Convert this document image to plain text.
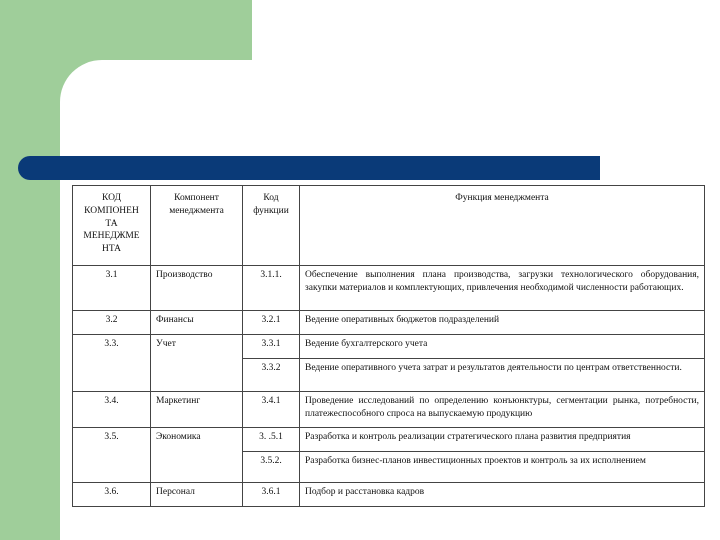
КОД КОМПОНЕН ТА МЕНЕДЖМЕ НТА	Компонент менеджмента	Код функции	Функция менеджмента
3.1	Производство	3.1.1.	Обеспечение выполнения плана производства, загрузки технологического оборудования, закупки материалов и комплектующих, привлечения необходимой численности работающих.
3.2	Финансы	3.2.1	Ведение оперативных бюджетов подразделений
3.3.	Учет	3.3.1	Ведение бухгалтерского учета
		3.3.2	Ведение оперативного учета затрат и результатов деятельности по центрам ответственности.
3.4.	Маркетинг	3.4.1	Проведение исследований по определению конъюнктуры, сегментации рынка, потребности, платежеспособного спроса на выпускаемую продукцию
3.5.	Экономика	3. .5.1	Разработка и контроль реализации стратегического плана развития предприятия
		3.5.2.	Разработка бизнес-планов инвестиционных проектов и контроль за их исполнением
3.6.	Персонал	3.6.1	Подбор и расстановка кадров
